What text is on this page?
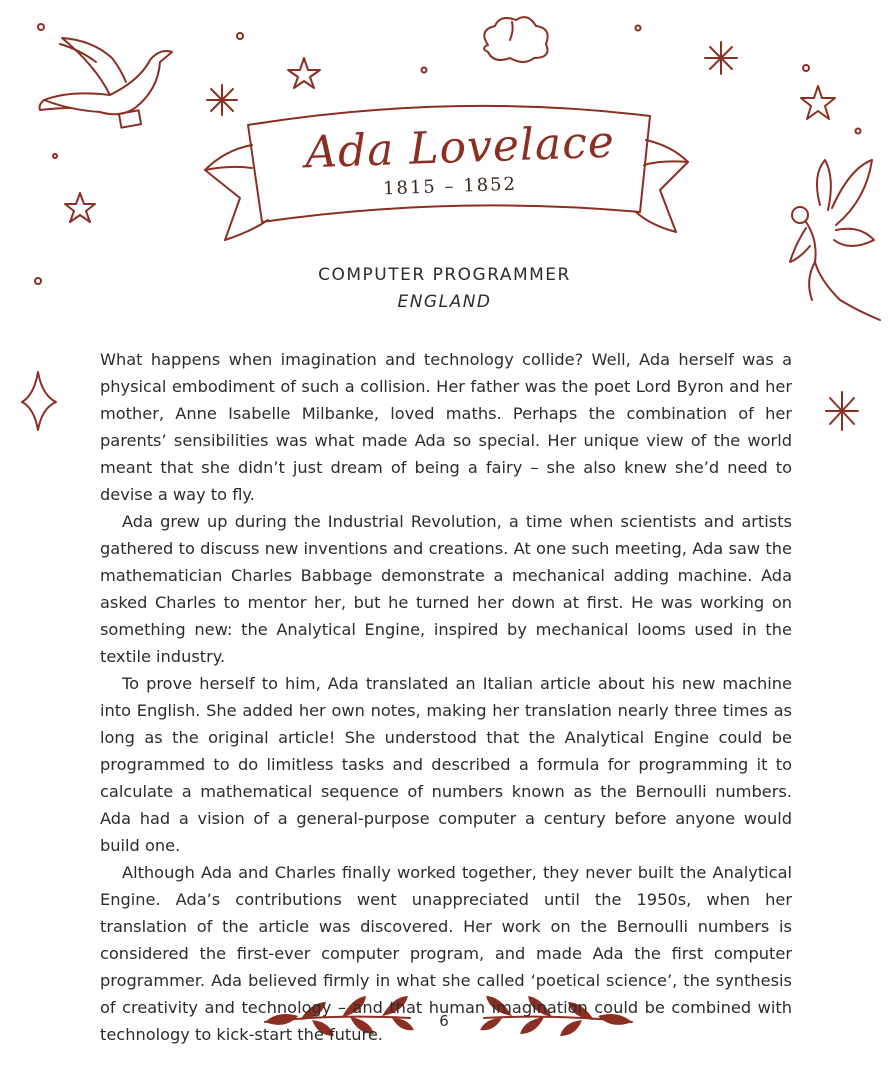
Ada Lovelace
1815 – 1852
COMPUTER PROGRAMMER
ENGLAND

What happens when imagination and technology collide? Well, Ada herself was a physical embodiment of such a collision. Her father was the poet Lord Byron and her mother, Anne Isabelle Milbanke, loved maths. Perhaps the combination of her parents’ sensibilities was what made Ada so special. Her unique view of the world meant that she didn’t just dream of being a fairy – she also knew she’d need to devise a way to fly.

Ada grew up during the Industrial Revolution, a time when scientists and artists gathered to discuss new inventions and creations. At one such meeting, Ada saw the mathematician Charles Babbage demonstrate a mechanical adding machine. Ada asked Charles to mentor her, but he turned her down at first. He was working on something new: the Analytical Engine, inspired by mechanical looms used in the textile industry.

To prove herself to him, Ada translated an Italian article about his new machine into English. She added her own notes, making her translation nearly three times as long as the original article! She understood that the Analytical Engine could be programmed to do limitless tasks and described a formula for programming it to calculate a mathematical sequence of numbers known as the Bernoulli numbers. Ada had a vision of a general-purpose computer a century before anyone would build one.

Although Ada and Charles finally worked together, they never built the Analytical Engine. Ada’s contributions went unappreciated until the 1950s, when her translation of the article was discovered. Her work on the Bernoulli numbers is considered the first-ever computer program, and made Ada the first computer programmer. Ada believed firmly in what she called ‘poetical science’, the synthesis of creativity and technology – and that human imagination could be combined with technology to kick-start the future.

6
